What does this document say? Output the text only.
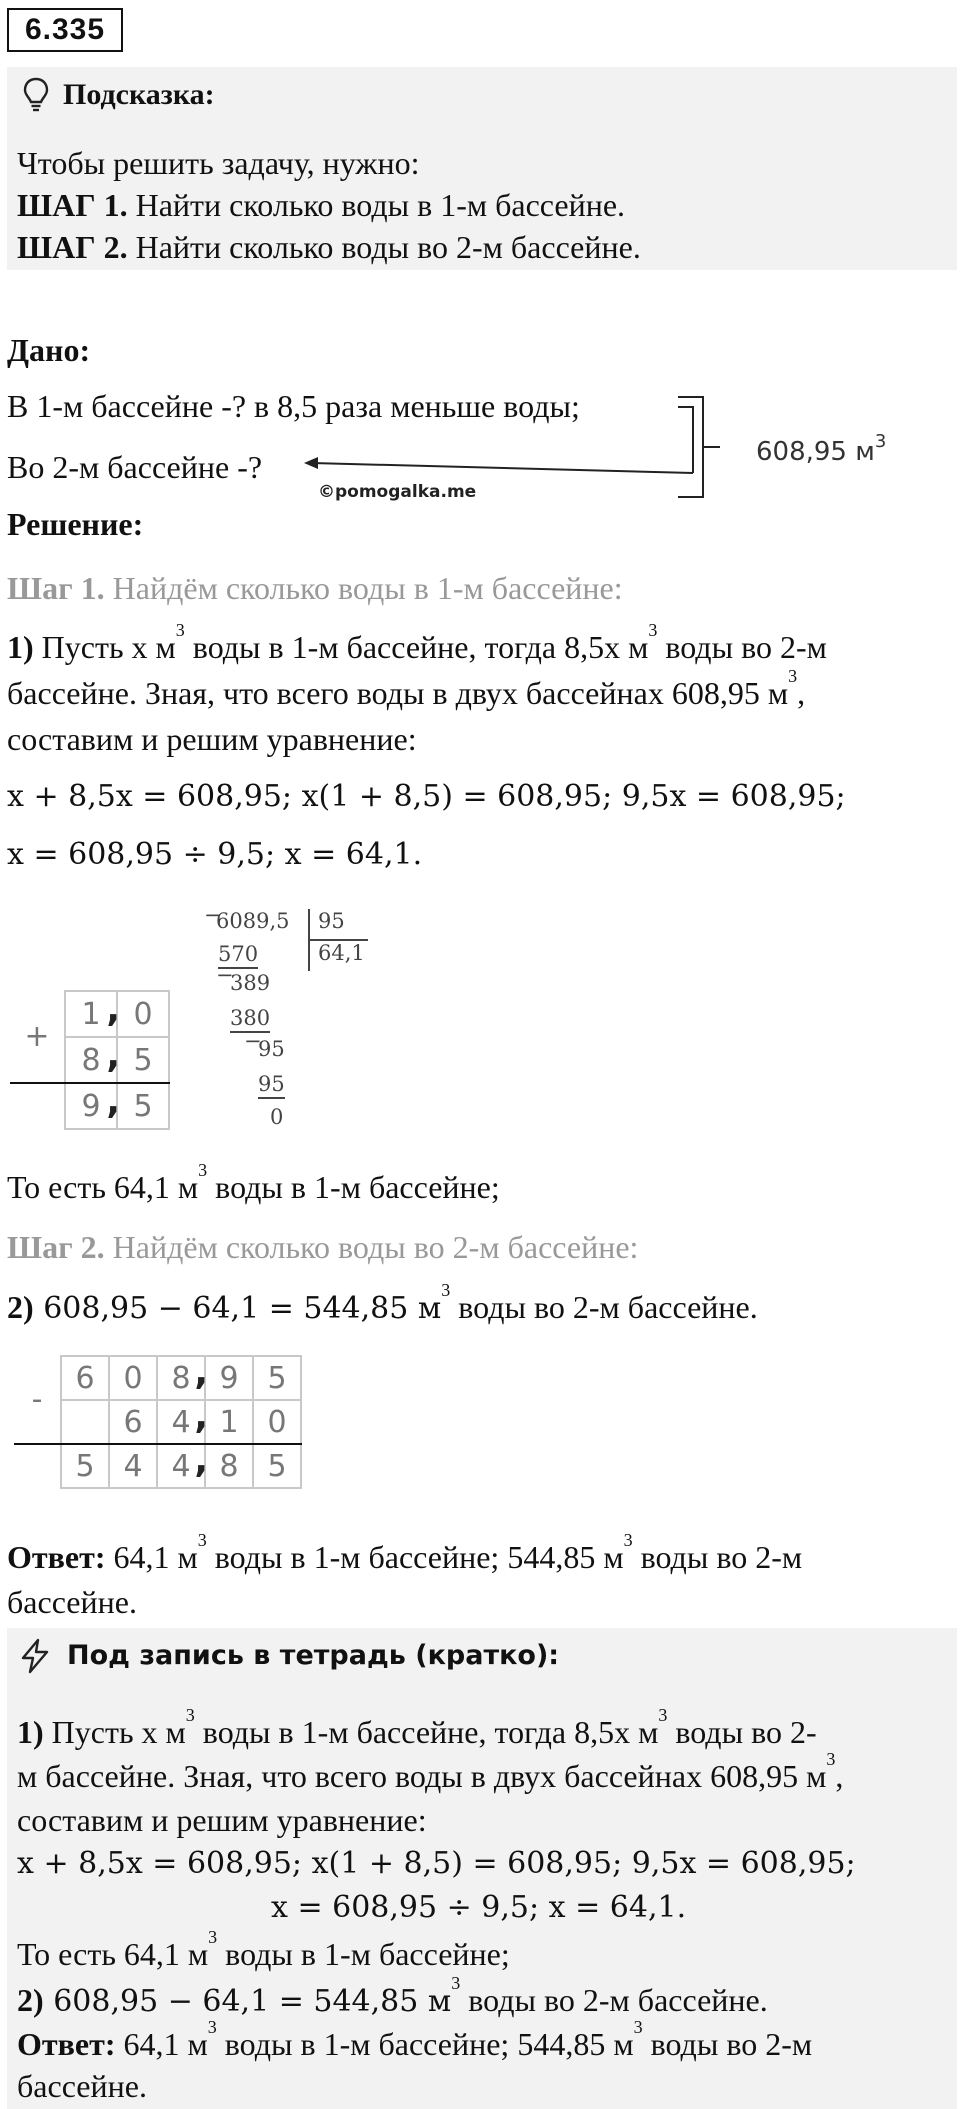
6.335
Подсказка:
Чтобы решить задачу, нужно:
ШАГ 1. Найти сколько воды в 1-м бассейне.
ШАГ 2. Найти сколько воды во 2-м бассейне.
Дано:
В 1-м бассейне -? в 8,5 раза меньше воды;
Во 2-м бассейне -?	608,95 $м^3$
©pomogalka.me
Решение:
Шаг 1. Найдём сколько воды в 1-м бассейне:
1) Пусть x $м^3$ воды в 1-м бассейне, тогда 8,5x $м^3$ воды во 2-м
бассейне. Зная, что всего воды в двух бассейнах 608,95 $м^3$,
составим и решим уравнение:
x + 8,5x = 608,95; x(1 + 8,5) = 608,95; 9,5x = 608,95;
x = 608,95 ÷ 9,5; x = 64,1.
−
6089,5 95
64,1
570
−
389
380
−
95
95
0
+	1 ,	0
	8 ,	5
	9 ,	5
То есть 64,1 $м^3$ воды в 1-м бассейне;
Шаг 2. Найдём сколько воды во 2-м бассейне:
2) 608,95 − 64,1 = 544,85 $м^3$ воды во 2-м бассейне.
-	6	0	8 ,	9	5
		6	4 ,	1	0
	5	4	4 ,	8	5
Ответ: 64,1 $м^3$ воды в 1-м бассейне; 544,85 $м^3$ воды во 2-м
бассейне.
Под запись в тетрадь (кратко):
1) Пусть x $м^3$ воды в 1-м бассейне, тогда 8,5x $м^3$ воды во 2-
м бассейне. Зная, что всего воды в двух бассейнах 608,95 $м^3$,
составим и решим уравнение:
x + 8,5x = 608,95; x(1 + 8,5) = 608,95; 9,5x = 608,95;
x = 608,95 ÷ 9,5; x = 64,1.
То есть 64,1 $м^3$ воды в 1-м бассейне;
2) 608,95 − 64,1 = 544,85 $м^3$ воды во 2-м бассейне.
Ответ: 64,1 $м^3$ воды в 1-м бассейне; 544,85 $м^3$ воды во 2-м
бассейне.
